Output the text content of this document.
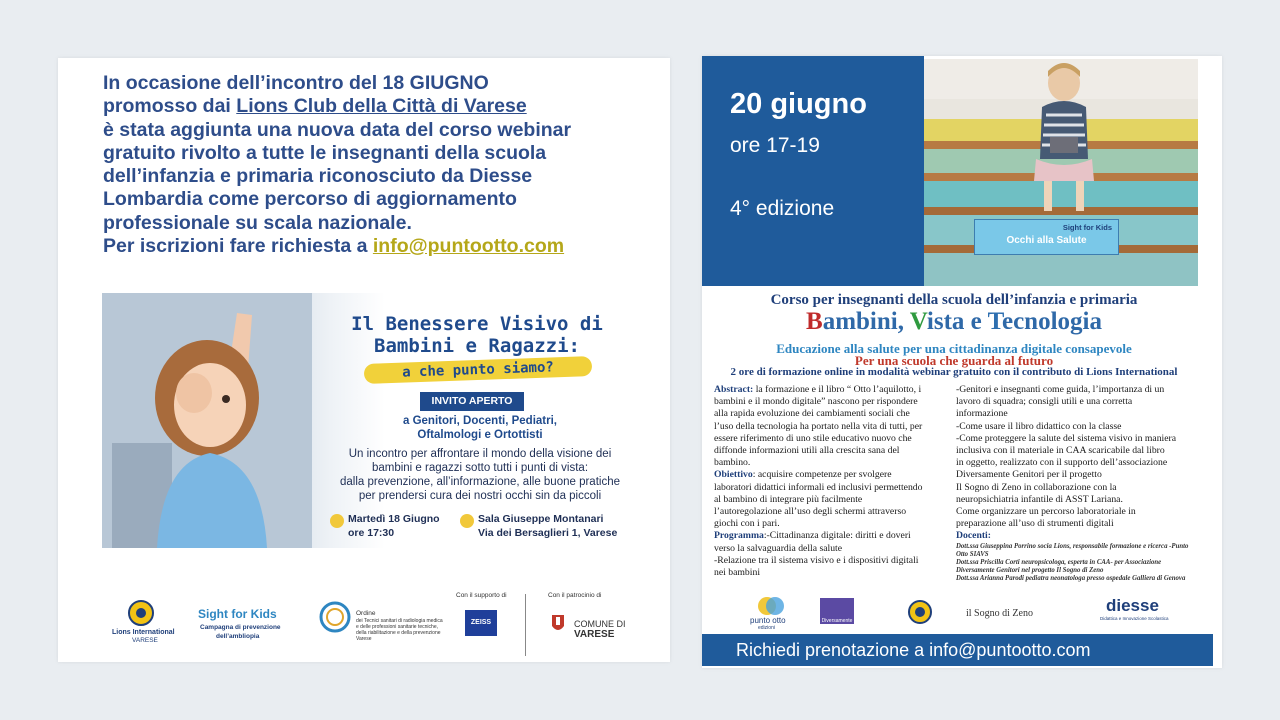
In occasione dell’incontro del 18 GIUGNO
promosso dai Lions Club della Città di Varese
è stata aggiunta una nuova data del corso webinar
gratuito rivolto a tutte le insegnanti della scuola
dell’infanzia e primaria riconosciuto da Diesse
Lombardia come percorso di aggiornamento
professionale su scala nazionale.
Per iscrizioni fare richiesta a info@puntootto.com
Il Benessere Visivo di
Bambini e Ragazzi:
a che punto siamo?
INVITO APERTO
a Genitori, Docenti, Pediatri,
Oftalmologi e Ortottisti
Un incontro per affrontare il mondo della visione dei
bambini e ragazzi sotto tutti i punti di vista:
dalla prevenzione, all’informazione, alle buone pratiche
per prendersi cura dei nostri occhi sin da piccoli
Martedì 18 Giugno
ore 17:30
Sala Giuseppe Montanari
Via dei Bersaglieri 1, Varese
Lions International
VARESE
Sight for Kids
Campagna di prevenzione
dell’ambliopia
Ordine
dei Tecnici sanitari di radiologia medica
e delle professioni sanitarie tecniche,
della riabilitazione e della prevenzione
Varese
Con il supporto di
ZEISS
Con il patrocinio di
COMUNE DI
VARESE
20 giugno
ore 17-19
4° edizione
Sight for Kids
Occhi alla Salute
Corso per insegnanti della scuola dell’infanzia e primaria
Bambini, Vista e Tecnologia
Educazione alla salute per una cittadinanza digitale consapevole
Per una scuola che guarda al futuro
2 ore di formazione online in modalità webinar gratuito con il contributo di Lions International
Abstract: la formazione e il libro “ Otto l’aquilotto, i
bambini e il mondo digitale” nascono per rispondere
alla rapida evoluzione dei cambiamenti sociali che
l’uso della tecnologia ha portato nella vita di tutti, per
essere riferimento di uno stile educativo nuovo che
diffonde informazioni utili alla crescita sana del
bambino.
Obiettivo: acquisire competenze per svolgere
laboratori didattici informali ed inclusivi permettendo
al bambino di integrare più facilmente
l’autoregolazione all’uso degli schermi attraverso
giochi con i pari.
Programma:-Cittadinanza digitale: diritti e doveri
verso la salvaguardia della salute
-Relazione tra il sistema visivo e i dispositivi digitali
nei bambini
-Genitori e insegnanti come guida, l’importanza di un
lavoro di squadra; consigli utili e una corretta
informazione
-Come usare il libro didattico con la classe
-Come proteggere la salute del sistema visivo in maniera
inclusiva con il materiale in CAA scaricabile dal libro
in oggetto, realizzato con il supporto dell’associazione
Diversamente Genitori per il progetto
Il Sogno di Zeno in collaborazione con la
neuropsichiatria infantile di ASST Lariana.
Come organizzare un percorso laboratoriale in
preparazione all’uso di strumenti digitali
Docenti:
Dott.ssa Giuseppina Porrino socia Lions, responsabile formazione e ricerca -Punto
Otto SIAVS
Dott.ssa Priscilla Corti neuropsicologa, esperta in CAA- per Associazione
Diversamente Genitori nel progetto Il Sogno di Zeno
Dott.ssa Arianna Parodi pediatra neonatologa presso ospedale Galliera di Genova
punto otto
edizioni
Diversamente
il Sogno di Zeno	diesse
Didattica e Innovazione Scolastica
Richiedi prenotazione a info@puntootto.com
